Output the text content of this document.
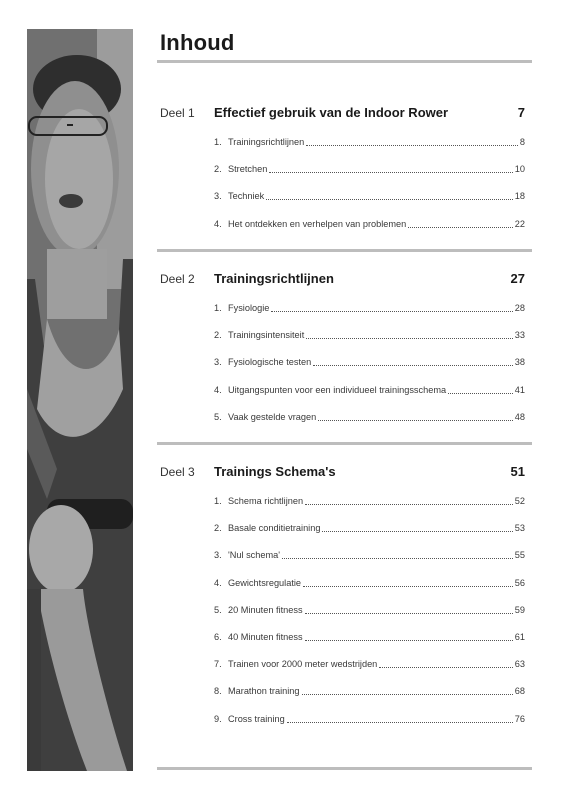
Inhoud
Deel 1 Effectief gebruik van de Indoor Rower	7
1. Trainingsrichtlijnen	8
2. Stretchen	10
3. Techniek	18
4. Het ontdekken en verhelpen van problemen	22
Deel 2 Trainingsrichtlijnen	27
1. Fysiologie	28
2. Trainingsintensiteit	33
3. Fysiologische testen	38
4. Uitgangspunten voor een individueel trainingsschema	41
5. Vaak gestelde vragen	48
Deel 3 Trainings Schema's	51
1. Schema richtlijnen	52
2. Basale conditietraining	53
3. 'Nul schema'	55
4. Gewichtsregulatie	56
5. 20 Minuten fitness	59
6. 40 Minuten fitness	61
7. Trainen voor 2000 meter wedstrijden	63
8. Marathon training	68
9. Cross training	76
